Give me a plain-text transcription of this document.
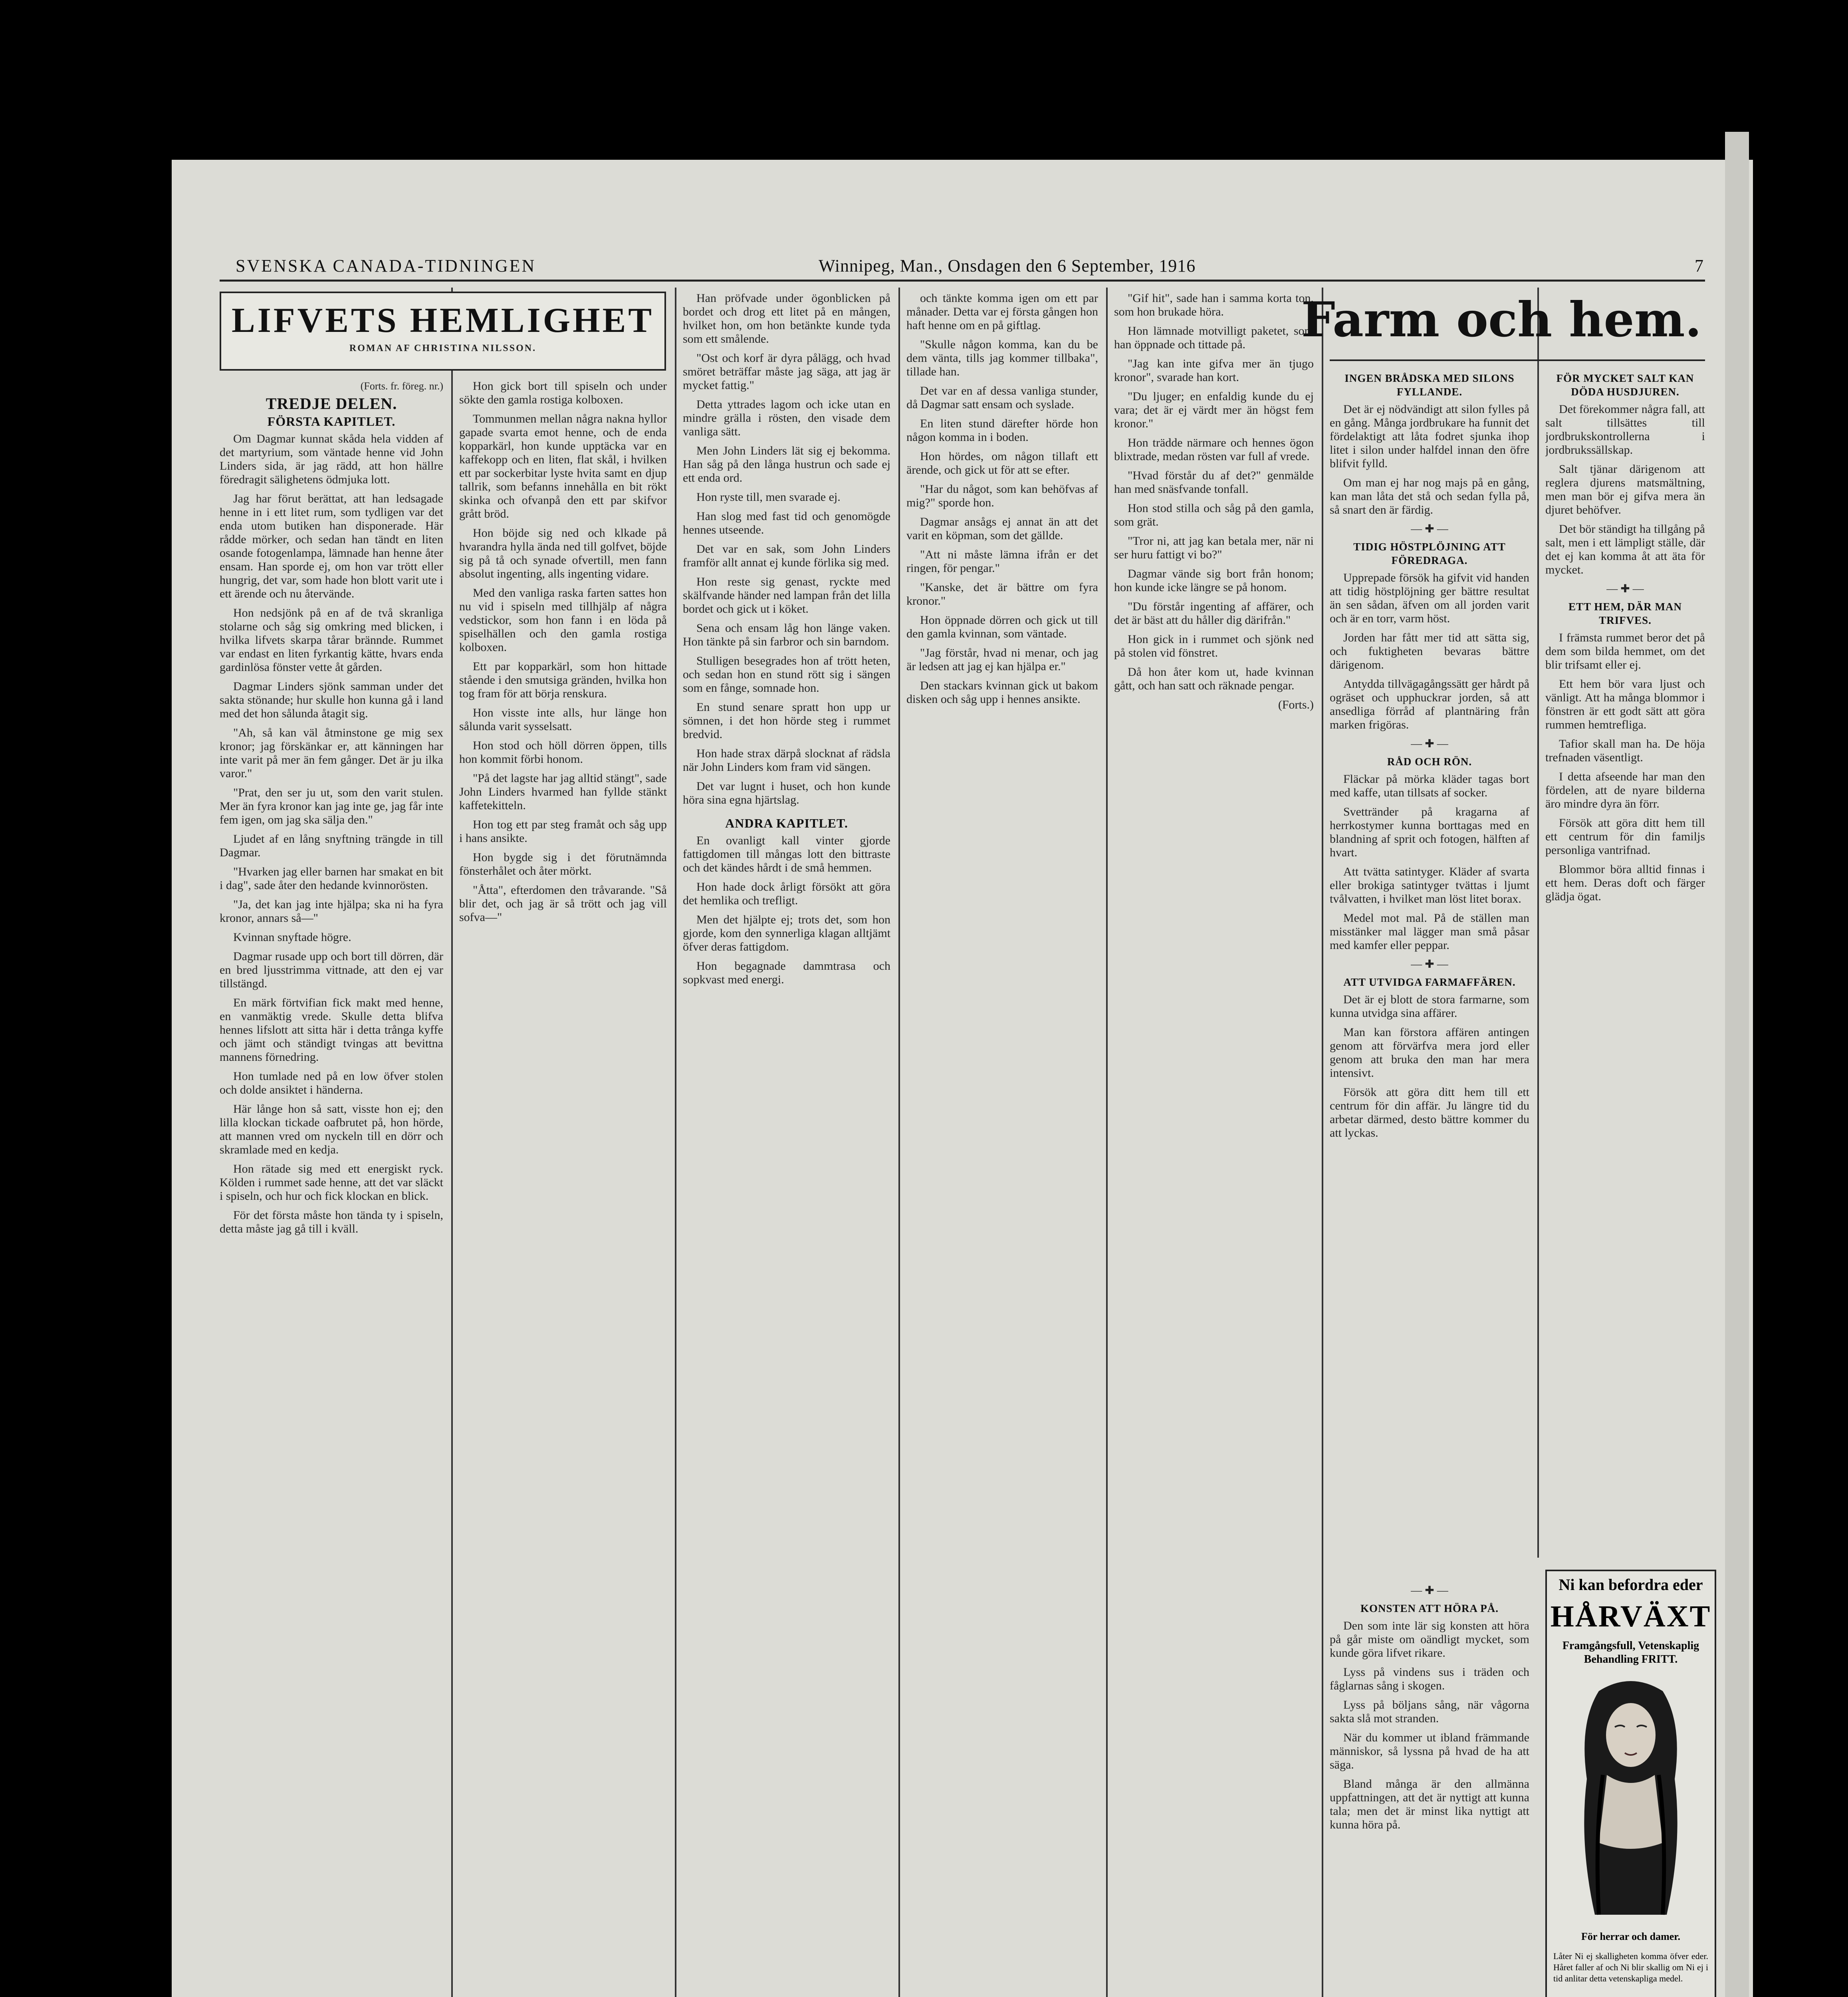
SVENSKA CANADA-TIDNINGEN	Winnipeg, Man., Onsdagen den 6 September, 1916	7
LIFVETS HEMLIGHET
ROMAN AF CHRISTINA NILSSON.
(Forts. fr. föreg. nr.)
TREDJE DELEN.
FÖRSTA KAPITLET.

Om Dagmar kunnat skåda hela vidden af det martyrium, som väntade henne vid John Linders sida, är jag rädd, att hon hällre föredragit sälighetens ödmjuka lott.

Jag har förut berättat, att han ledsagade henne in i ett litet rum, som tydligen var det enda utom butiken han disponerade. Här rådde mörker, och sedan han tändt en liten osande fotogenlampa, lämnade han henne åter ensam. Han sporde ej, om hon var trött eller hungrig, det var, som hade hon blott varit ute i ett ärende och nu återvände.

Hon nedsjönk på en af de två skranliga stolarne och såg sig omkring med blicken, i hvilka lifvets skarpa tårar brännde. Rummet var endast en liten fyrkantig kätte, hvars enda gardinlösa fönster vette åt gården.

Dagmar Linders sjönk samman under det sakta stönande; hur skulle hon kunna gå i land med det hon sålunda åtagit sig.

"Ah, så kan väl åtminstone ge mig sex kronor; jag förskänkar er, att känningen har inte varit på mer än fem gånger. Det är ju ilka varor."

"Prat, den ser ju ut, som den varit stulen. Mer än fyra kronor kan jag inte ge, jag får inte fem igen, om jag ska sälja den."

Ljudet af en lång snyftning trängde in till Dagmar.

"Hvarken jag eller barnen har smakat en bit i dag", sade åter den hedande kvinnorösten.

"Ja, det kan jag inte hjälpa; ska ni ha fyra kronor, annars så—"

Kvinnan snyftade högre.

Dagmar rusade upp och bort till dörren, där en bred ljusstrimma vittnade, att den ej var tillstängd.

En märk förtvifian fick makt med henne, en vanmäktig vrede. Skulle detta blifva hennes lifslott att sitta här i detta trånga kyffe och jämt och ständigt tvingas att bevittna mannens förnedring.

Hon tumlade ned på en low öfver stolen och dolde ansiktet i händerna.

Här långe hon så satt, visste hon ej; den lilla klockan tickade oafbrutet på, hon hörde, att mannen vred om nyckeln till en dörr och skramlade med en kedja.

Hon rätade sig med ett energiskt ryck. Kölden i rummet sade henne, att det var släckt i spiseln, och hur och fick klockan en blick.

För det första måste hon tända ty i spiseln, detta måste jag gå till i kväll.

Hon gick bort till spiseln och under sökte den gamla rostiga kolboxen.

Tommunmen mellan några nakna hyllor gapade svarta emot henne, och de enda kopparkärl, hon kunde upptäcka var en kaffekopp och en liten, flat skål, i hvilken ett par sockerbitar lyste hvita samt en djup tallrik, som befanns innehålla en bit rökt skinka och ofvanpå den ett par skifvor grått bröd.

Hon böjde sig ned och klkade på hvarandra hylla ända ned till golfvet, böjde sig på tå och synade ofvertill, men fann absolut ingenting, alls ingenting vidare.

Med den vanliga raska farten sattes hon nu vid i spiseln med tillhjälp af några vedstickor, som hon fann i en löda på spiselhällen och den gamla rostiga kolboxen.

Ett par kopparkärl, som hon hittade stående i den smutsiga gränden, hvilka hon tog fram för att börja renskura.

Hon visste inte alls, hur länge hon sålunda varit sysselsatt.

Hon stod och höll dörren öppen, tills hon kommit förbi honom.

"På det lagste har jag alltid stängt", sade John Linders hvarmed han fyllde stänkt kaffetekitteln.

Hon tog ett par steg framåt och såg upp i hans ansikte.

Hon bygde sig i det förutnämnda fönsterhålet och åter mörkt.

"Åtta", efterdomen den tråvarande. "Så blir det, och jag är så trött och jag vill sofva—"

Han pröfvade under ögonblicken på bordet och drog ett litet på en mången, hvilket hon, om hon betänkte kunde tyda som ett smålende.

"Ost och korf är dyra pålägg, och hvad smöret beträffar måste jag säga, att jag är mycket fattig."

Detta yttrades lagom och icke utan en mindre grälla i rösten, den visade dem vanliga sätt.

Men John Linders lät sig ej bekomma. Han såg på den långa hustrun och sade ej ett enda ord.

Hon ryste till, men svarade ej.

Han slog med fast tid och genomögde hennes utseende.

Det var en sak, som John Linders framför allt annat ej kunde förlika sig med.

Hon reste sig genast, ryckte med skälfvande händer ned lampan från det lilla bordet och gick ut i köket.

Sena och ensam låg hon länge vaken. Hon tänkte på sin farbror och sin barndom.

Stulligen besegrades hon af trött heten, och sedan hon en stund rött sig i sängen som en fånge, somnade hon.

En stund senare spratt hon upp ur sömnen, i det hon hörde steg i rummet bredvid.

Hon hade strax därpå slocknat af rädsla när John Linders kom fram vid sängen.

Det var lugnt i huset, och hon kunde höra sina egna hjärtslag.

ANDRA KAPITLET.

En ovanligt kall vinter gjorde fattigdomen till mångas lott den bittraste och det kändes hårdt i de små hemmen.

Hon hade dock årligt försökt att göra det hemlika och trefligt.

Men det hjälpte ej; trots det, som hon gjorde, kom den synnerliga klagan alltjämt öfver deras fattigdom.

Hon begagnade dammtrasa och sopkvast med energi.

och tänkte komma igen om ett par månader. Detta var ej första gången hon haft henne om en på giftlag.

"Skulle någon komma, kan du be dem vänta, tills jag kommer tillbaka", tillade han.

Det var en af dessa vanliga stunder, då Dagmar satt ensam och syslade.

En liten stund därefter hörde hon någon komma in i boden.

Hon hördes, om någon tillaft ett ärende, och gick ut för att se efter.

"Har du något, som kan behöfvas af mig?" sporde hon.

Dagmar ansågs ej annat än att det varit en köpman, som det gällde.

"Att ni måste lämna ifrån er det ringen, för pengar."

"Kanske, det är bättre om fyra kronor."

Hon öppnade dörren och gick ut till den gamla kvinnan, som väntade.

"Jag förstår, hvad ni menar, och jag är ledsen att jag ej kan hjälpa er."

Den stackars kvinnan gick ut bakom disken och såg upp i hennes ansikte.

"Gif hit", sade han i samma korta ton, som hon brukade höra.

Hon lämnade motvilligt paketet, som han öppnade och tittade på.

"Jag kan inte gifva mer än tjugo kronor", svarade han kort.

"Du ljuger; en enfaldig kunde du ej vara; det är ej värdt mer än högst fem kronor."

Hon trädde närmare och hennes ögon blixtrade, medan rösten var full af vrede.

"Hvad förstår du af det?" genmälde han med snäsfvande tonfall.

Hon stod stilla och såg på den gamla, som grät.

"Tror ni, att jag kan betala mer, när ni ser huru fattigt vi bo?"

Dagmar vände sig bort från honom; hon kunde icke längre se på honom.

"Du förstår ingenting af affärer, och det är bäst att du håller dig därifrån."

Hon gick in i rummet och sjönk ned på stolen vid fönstret.

Då hon åter kom ut, hade kvinnan gått, och han satt och räknade pengar.

(Forts.)
Farm och hem.
INGEN BRÅDSKA MED SILONS FYLLANDE.

Det är ej nödvändigt att silon fylles på en gång. Många jordbrukare ha funnit det fördelaktigt att låta fodret sjunka ihop litet i silon under halfdel innan den öfre blifvit fylld.

Om man ej har nog majs på en gång, kan man låta det stå och sedan fylla på, så snart den är färdig.

— ✚ —
TIDIG HÖSTPLÖJNING ATT FÖREDRAGA.

Upprepade försök ha gifvit vid handen att tidig höstplöjning ger bättre resultat än sen sådan, äfven om all jorden varit och är en torr, varm höst.

Jorden har fått mer tid att sätta sig, och fuktigheten bevaras bättre därigenom.

Antydda tillvägagångssätt ger hårdt på ogräset och upphuckrar jorden, så att ansedliga förråd af plantnäring från marken frigöras.

— ✚ —
RÅD OCH RÖN.

Fläckar på mörka kläder tagas bort med kaffe, utan tillsats af socker.

Svettränder på kragarna af herrkostymer kunna borttagas med en blandning af sprit och fotogen, hälften af hvart.

Att tvätta satintyger. Kläder af svarta eller brokiga satintyger tvättas i ljumt tvålvatten, i hvilket man löst litet borax.

Medel mot mal. På de ställen man misstänker mal lägger man små påsar med kamfer eller peppar.

— ✚ —
ATT UTVIDGA FARMAFFÄREN.

Det är ej blott de stora farmarne, som kunna utvidga sina affärer.

Man kan förstora affären antingen genom att förvärfva mera jord eller genom att bruka den man har mera intensivt.

Försök att göra ditt hem till ett centrum för din affär. Ju längre tid du arbetar därmed, desto bättre kommer du att lyckas.

FÖR MYCKET SALT KAN DÖDA HUSDJUREN.

Det förekommer några fall, att salt tillsättes till jordbrukskontrollerna i jordbrukssällskap.

Salt tjänar därigenom att reglera djurens matsmältning, men man bör ej gifva mera än djuret behöfver.

Det bör ständigt ha tillgång på salt, men i ett lämpligt ställe, där det ej kan komma åt att äta för mycket.

— ✚ —
ETT HEM, DÄR MAN TRIFVES.

I främsta rummet beror det på dem som bilda hemmet, om det blir trifsamt eller ej.

Ett hem bör vara ljust och vänligt. Att ha många blommor i fönstren är ett godt sätt att göra rummen hemtrefliga.

Tafior skall man ha. De höja trefnaden väsentligt.

I detta afseende har man den fördelen, att de nyare bilderna äro mindre dyra än förr.

Försök att göra ditt hem till ett centrum för din familjs personliga vantrifnad.

Blommor böra alltid finnas i ett hem. Deras doft och färger glädja ögat.

Ni kan befordra eder
HÅRVÄXT
Framgångsfull, Vetenskaplig
Behandling FRITT.
För herrar och damer.
Låter Ni ej skalligheten komma öfver eder. Håret faller af och Ni blir skallig om Ni ej i tid anlitar detta vetenskapliga medel.
— ✚ —
KONSTEN ATT HÖRA PÅ.

Den som inte lär sig konsten att höra på går miste om oändligt mycket, som kunde göra lifvet rikare.

Lyss på vindens sus i träden och fåglarnas sång i skogen.

Lyss på böljans sång, när vågorna sakta slå mot stranden.

När du kommer ut ibland främmande människor, så lyssna på hvad de ha att säga.

Bland många är den allmänna uppfattningen, att det är nyttigt att kunna tala; men det är minst lika nyttigt att kunna höra på.
